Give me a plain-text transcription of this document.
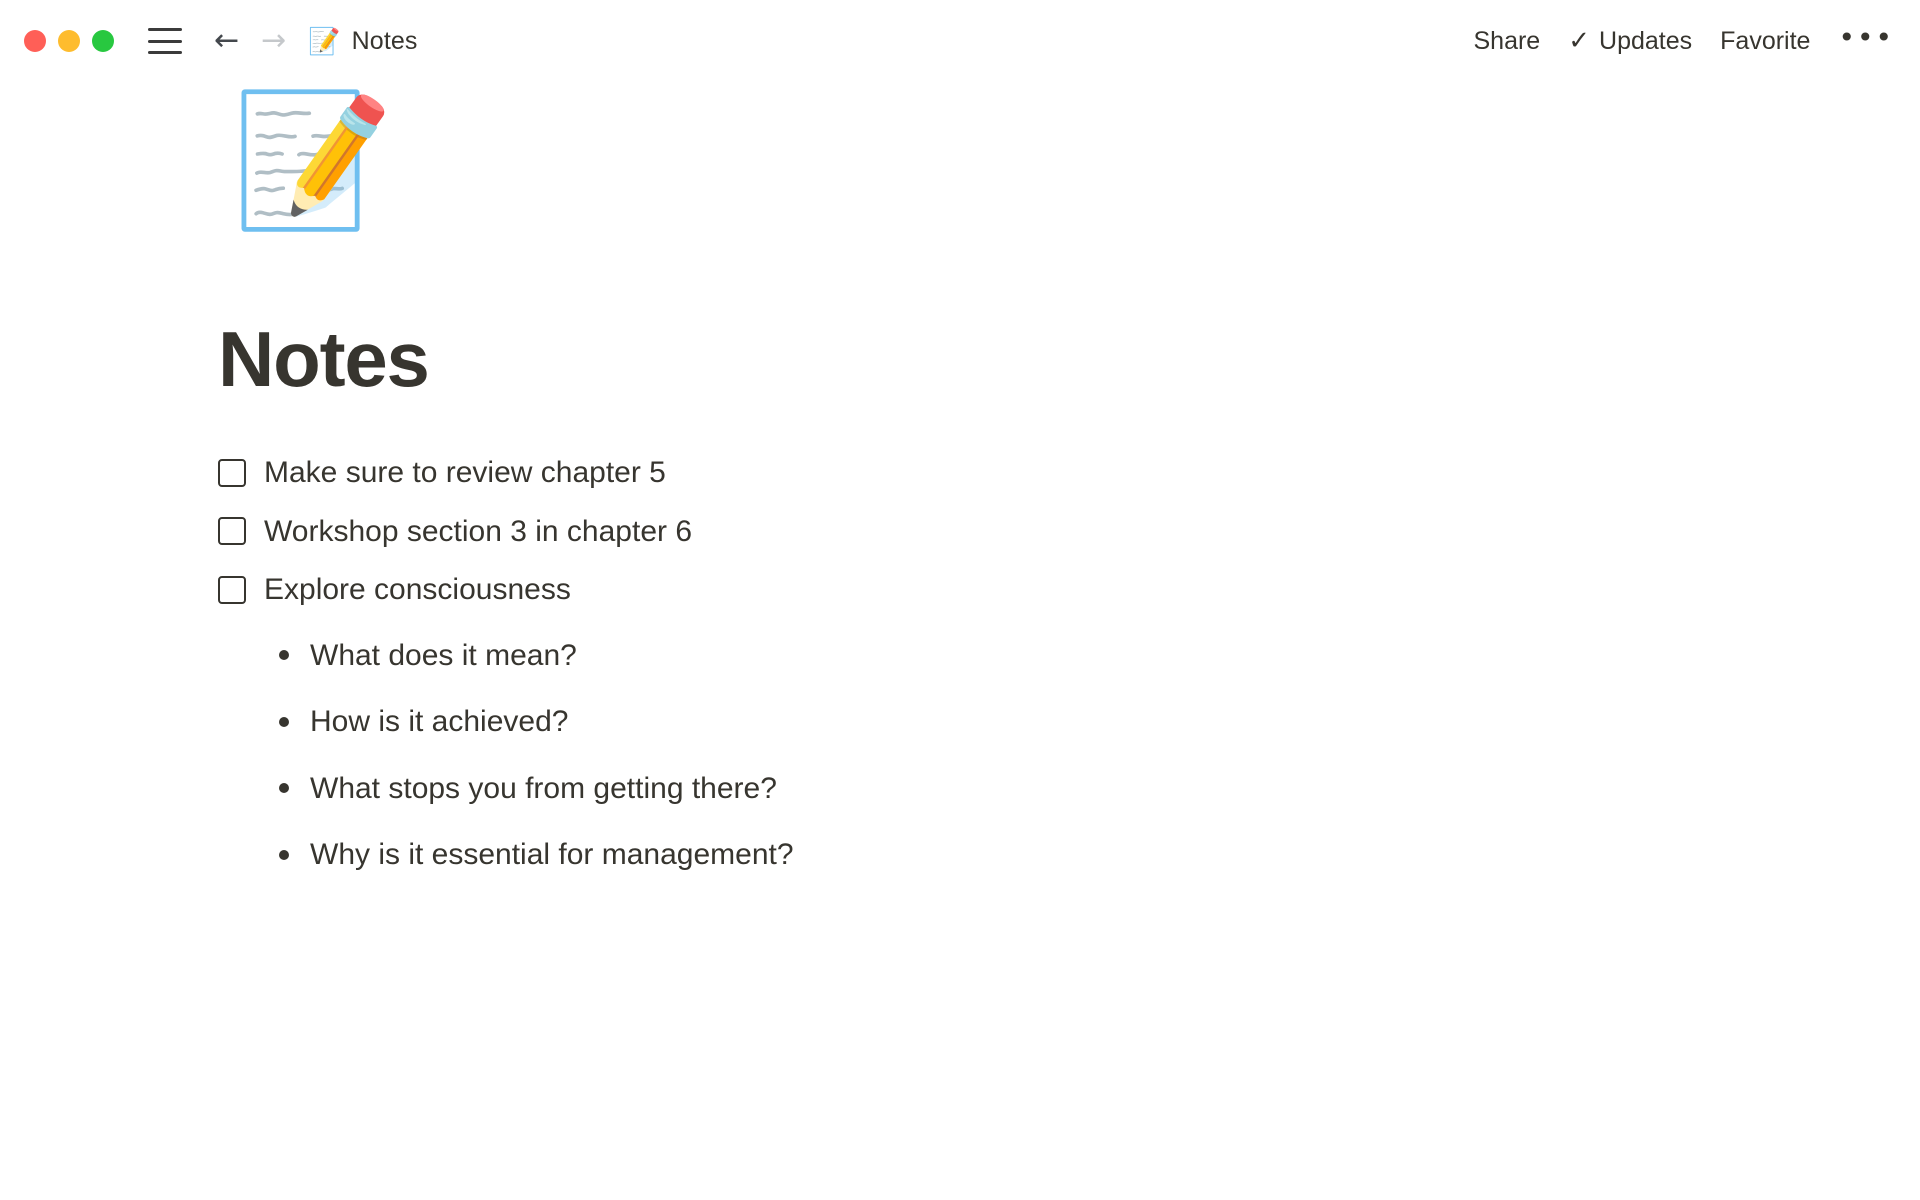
← → 📝 Notes	Share ✓ Updates Favorite •••
📝
Notes
Make sure to review chapter 5
Workshop section 3 in chapter 6
Explore consciousness
What does it mean?
How is it achieved?
What stops you from getting there?
Why is it essential for management?
